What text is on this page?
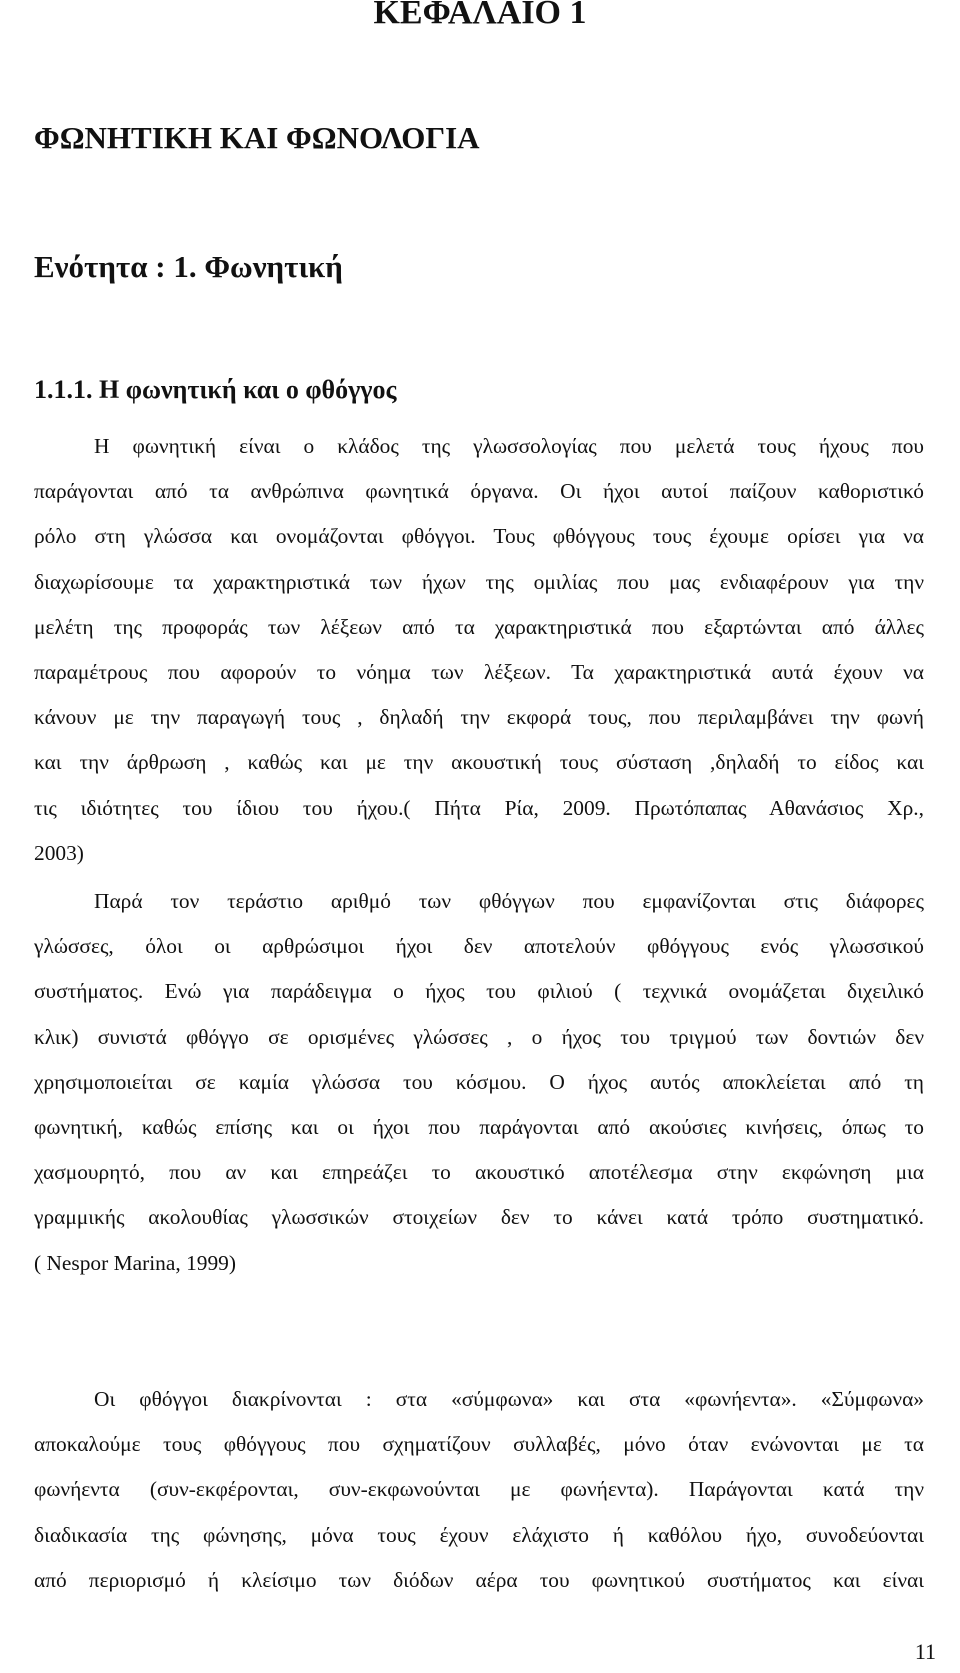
ΚΕΦΑΛΑΙΟ 1
ΦΩΝΗΤΙΚΗ ΚΑΙ ΦΩΝΟΛΟΓΙΑ
Ενότητα : 1. Φωνητική
1.1.1. Η φωνητική και ο φθόγγος

Η φωνητική είναι ο κλάδος της γλωσσολογίας που μελετά τους ήχους που
παράγονται από τα ανθρώπινα φωνητικά όργανα. Οι ήχοι αυτοί παίζουν καθοριστικό
ρόλο στη γλώσσα και ονομάζονται φθόγγοι. Τους φθόγγους τους έχουμε ορίσει για να
διαχωρίσουμε τα χαρακτηριστικά των ήχων της ομιλίας που μας ενδιαφέρουν για την
μελέτη της προφοράς των λέξεων από τα χαρακτηριστικά που εξαρτώνται από άλλες
παραμέτρους που αφορούν το νόημα των λέξεων. Τα χαρακτηριστικά αυτά έχουν να
κάνουν με την παραγωγή τους , δηλαδή την εκφορά τους, που περιλαμβάνει την φωνή
και την άρθρωση , καθώς και με την ακουστική τους σύσταση ,δηλαδή το είδος και
τις ιδιότητες του ίδιου του ήχου.( Πήτα Ρία, 2009. Πρωτόπαπας Αθανάσιος Χρ.,
2003)

Παρά τον τεράστιο αριθμό των φθόγγων που εμφανίζονται στις διάφορες
γλώσσες, όλοι οι αρθρώσιμοι ήχοι δεν αποτελούν φθόγγους ενός γλωσσικού
συστήματος. Ενώ για παράδειγμα ο ήχος του φιλιού ( τεχνικά ονομάζεται διχειλικό
κλικ) συνιστά φθόγγο σε ορισμένες γλώσσες , ο ήχος του τριγμού των δοντιών δεν
χρησιμοποιείται σε καμία γλώσσα του κόσμου. Ο ήχος αυτός αποκλείεται από τη
φωνητική, καθώς επίσης και οι ήχοι που παράγονται από ακούσιες κινήσεις, όπως το
χασμουρητό, που αν και επηρεάζει το ακουστικό αποτέλεσμα στην εκφώνηση μια
γραμμικής ακολουθίας γλωσσικών στοιχείων δεν το κάνει κατά τρόπο συστηματικό.
( Nespor Marina, 1999)

Οι φθόγγοι διακρίνονται : στα «σύμφωνα» και στα «φωνήεντα». «Σύμφωνα»
αποκαλούμε τους φθόγγους που σχηματίζουν συλλαβές, μόνο όταν ενώνονται με τα
φωνήεντα (συν-εκφέρονται, συν-εκφωνούνται με φωνήεντα). Παράγονται κατά την
διαδικασία της φώνησης, μόνα τους έχουν ελάχιστο ή καθόλου ήχο, συνοδεύονται
από περιορισμό ή κλείσιμο των διόδων αέρα του φωνητικού συστήματος και είναι

11
